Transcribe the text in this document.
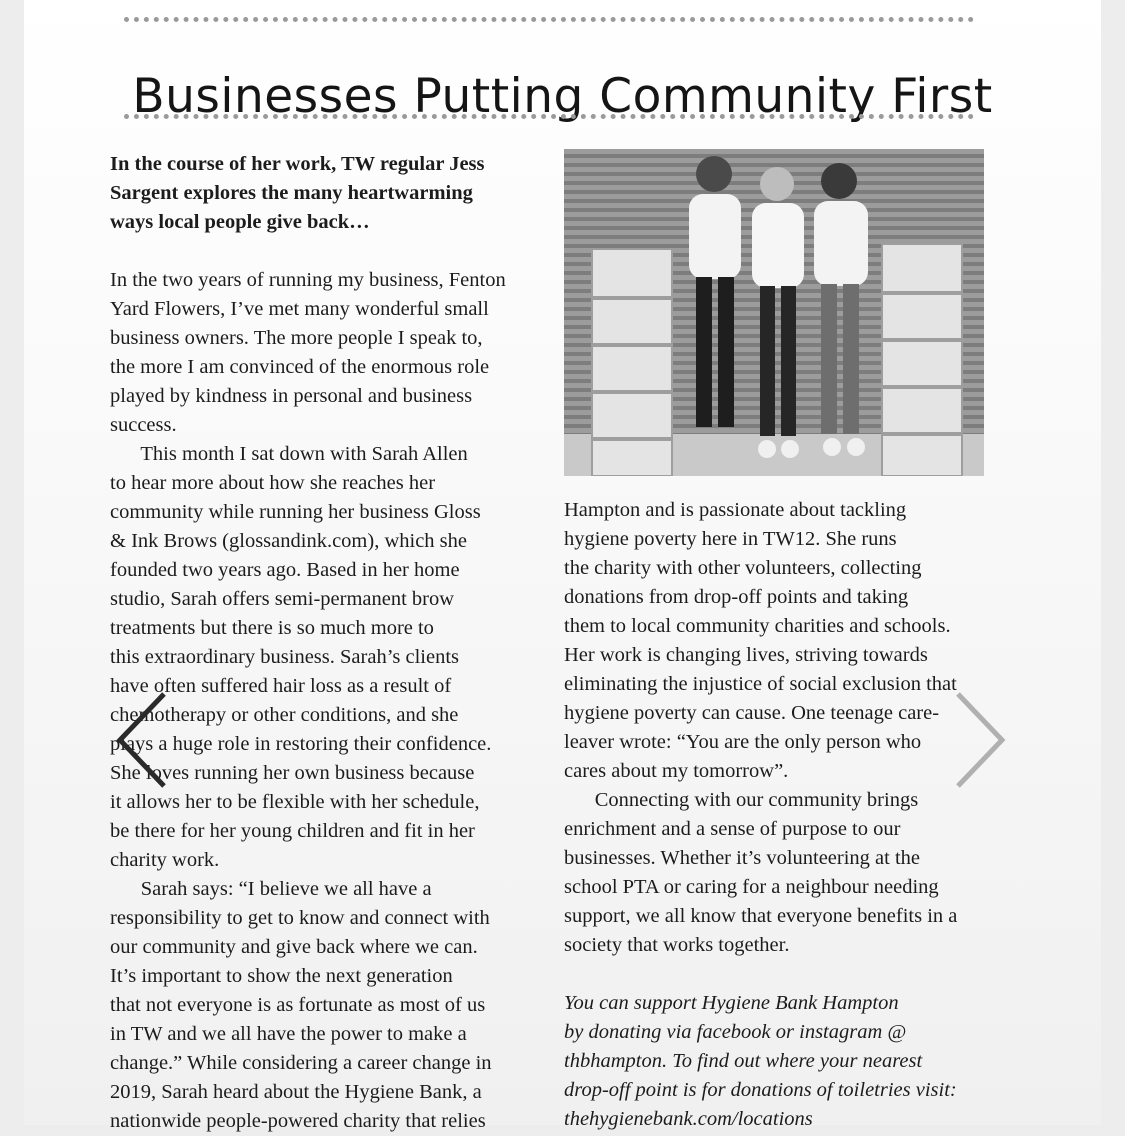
Businesses Putting Community First
In the course of her work, TW regular Jess
Sargent explores the many heartwarming
ways local people give back…
In the two years of running my business, Fenton
Yard Flowers, I’ve met many wonderful small
business owners. The more people I speak to,
the more I am convinced of the enormous role
played by kindness in personal and business
success.
This month I sat down with Sarah Allen
to hear more about how she reaches her
community while running her business Gloss
& Ink Brows (glossandink.com), which she
founded two years ago. Based in her home
studio, Sarah offers semi-permanent brow
treatments but there is so much more to
this extraordinary business. Sarah’s clients
have often suffered hair loss as a result of
chemotherapy or other conditions, and she
plays a huge role in restoring their confidence.
She loves running her own business because
it allows her to be flexible with her schedule,
be there for her young children and fit in her
charity work.
Sarah says: “I believe we all have a
responsibility to get to know and connect with
our community and give back where we can.
It’s important to show the next generation
that not everyone is as fortunate as most of us
in TW and we all have the power to make a
change.” While considering a career change in
2019, Sarah heard about the Hygiene Bank, a
nationwide people-powered charity that relies
Hampton and is passionate about tackling
hygiene poverty here in TW12. She runs
the charity with other volunteers, collecting
donations from drop-off points and taking
them to local community charities and schools.
Her work is changing lives, striving towards
eliminating the injustice of social exclusion that
hygiene poverty can cause. One teenage care-
leaver wrote: “You are the only person who
cares about my tomorrow”.
Connecting with our community brings
enrichment and a sense of purpose to our
businesses. Whether it’s volunteering at the
school PTA or caring for a neighbour needing
support, we all know that everyone benefits in a
society that works together.
You can support Hygiene Bank Hampton
by donating via facebook or instagram @
thbhampton. To find out where your nearest
drop-off point is for donations of toiletries visit:
thehygienebank.com/locations
